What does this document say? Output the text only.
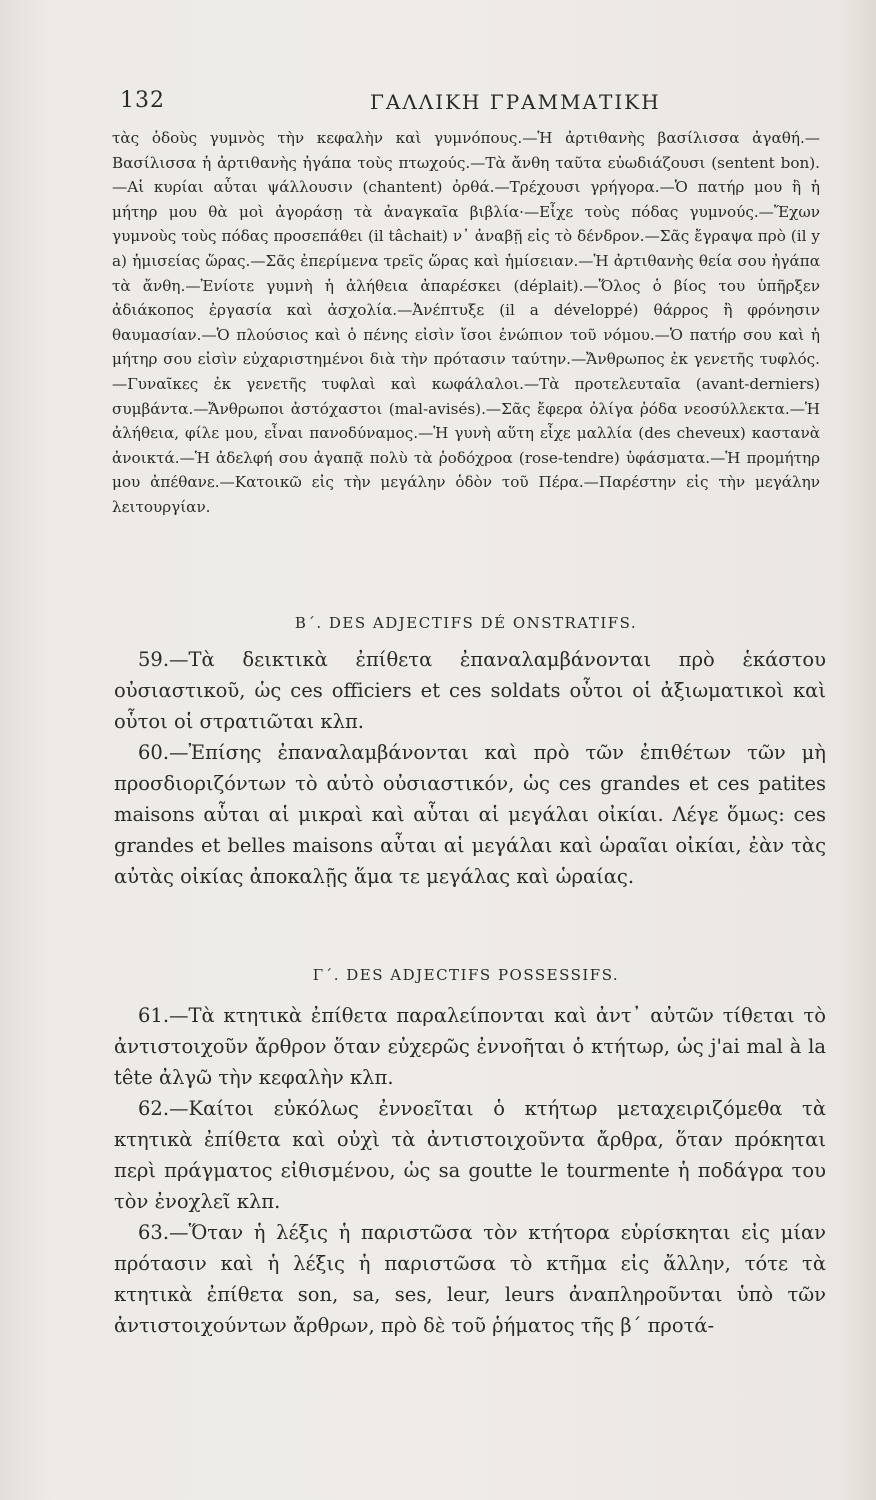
132	ΓΑΛΛΙΚΗ ΓΡΑΜΜΑΤΙΚΗ

τὰς ὁδοὺς γυμνὸς τὴν κεφαλὴν καὶ γυμνόπους.—Ἡ ἀρτιθανὴς βασίλισσα ἀγαθή.—Βασίλισσα ἡ ἀρτιθανὴς ἠγάπα τοὺς πτωχούς.—Τὰ ἄνθη ταῦτα εὐωδιάζουσι (sentent bon).—Αἱ κυρίαι αὗται ψάλλουσιν (chantent) ὀρθά.—Τρέχουσι γρήγορα.—Ὁ πατήρ μου ἢ ἡ μήτηρ μου θὰ μοὶ ἀγοράσῃ τὰ ἀναγκαῖα βιβλία·—Εἶχε τοὺς πόδας γυμνούς.—Ἔχων γυμνοὺς τοὺς πόδας προσεπάθει (il tâchait) ν᾽ ἀναβῇ εἰς τὸ δένδρον.—Σᾶς ἔγραψα πρὸ (il y a) ἡμισείας ὥρας.—Σᾶς ἐπερίμενα τρεῖς ὥρας καὶ ἡμίσειαν.—Ἡ ἀρτιθανὴς θεία σου ἠγάπα τὰ ἄνθη.—Ἐνίοτε γυμνὴ ἡ ἀλήθεια ἀπαρέσκει (déplait).—Ὅλος ὁ βίος του ὑπῆρξεν ἀδιάκοπος ἐργασία καὶ ἀσχολία.—Ἀνέπτυξε (il a développé) θάρρος ἢ φρόνησιν θαυμασίαν.—Ὁ πλούσιος καὶ ὁ πένης εἰσὶν ἴσοι ἐνώπιον τοῦ νόμου.—Ὁ πατήρ σου καὶ ἡ μήτηρ σου εἰσὶν εὐχαριστημένοι διὰ τὴν πρότασιν ταύτην.—Ἄνθρωπος ἐκ γενετῆς τυφλός.—Γυναῖκες ἐκ γενετῆς τυφλαὶ καὶ κωφάλαλοι.—Τὰ προτελευταῖα (avant-derniers) συμβάντα.—Ἄνθρωποι ἀστόχαστοι (mal-avisés).—Σᾶς ἔφερα ὀλίγα ῥόδα νεοσύλλεκτα.—Ἡ ἀλήθεια, φίλε μου, εἶναι πανοδύναμος.—Ἡ γυνὴ αὕτη εἶχε μαλλία (des cheveux) καστανὰ ἀνοικτά.—Ἡ ἀδελφή σου ἀγαπᾷ πολὺ τὰ ῥοδόχροα (rose-tendre) ὑφάσματα.—Ἡ προμήτηρ μου ἀπέθανε.—Κατοικῶ εἰς τὴν μεγάλην ὁδὸν τοῦ Πέρα.—Παρέστην εἰς τὴν μεγάλην λειτουργίαν.

Β΄. DES ADJECTIFS DÉ ONSTRATIFS.

59.—Τὰ δεικτικὰ ἐπίθετα ἐπαναλαμβάνονται πρὸ ἑκάστου οὐσιαστικοῦ, ὡς ces officiers et ces soldats οὗτοι οἱ ἀξιωματικοὶ καὶ οὗτοι οἱ στρατιῶται κλπ.

60.—Ἐπίσης ἐπαναλαμβάνονται καὶ πρὸ τῶν ἐπιθέτων τῶν μὴ προσδιοριζόντων τὸ αὐτὸ οὐσιαστικόν, ὡς ces grandes et ces patites maisons αὗται αἱ μικραὶ καὶ αὗται αἱ μεγάλαι οἰκίαι. Λέγε ὅμως: ces grandes et belles maisons αὗται αἱ μεγάλαι καὶ ὡραῖαι οἰκίαι, ἐὰν τὰς αὐτὰς οἰκίας ἀποκαλῇς ἅμα τε μεγάλας καὶ ὡραίας.

Γ΄. DES ADJECTIFS POSSESSIFS.

61.—Τὰ κτητικὰ ἐπίθετα παραλείπονται καὶ ἀντ᾽ αὐτῶν τίθεται τὸ ἀντιστοιχοῦν ἄρθρον ὅταν εὐχερῶς ἐννοῆται ὁ κτήτωρ, ὡς j'ai mal à la tête ἀλγῶ τὴν κεφαλὴν κλπ.

62.—Καίτοι εὐκόλως ἐννοεῖται ὁ κτήτωρ μεταχειριζόμεθα τὰ κτητικὰ ἐπίθετα καὶ οὐχὶ τὰ ἀντιστοιχοῦντα ἄρθρα, ὅταν πρόκηται περὶ πράγματος εἰθισμένου, ὡς sa goutte le tourmente ἡ ποδάγρα του τὸν ἐνοχλεῖ κλπ.

63.—Ὅταν ἡ λέξις ἡ παριστῶσα τὸν κτήτορα εὑρίσκηται εἰς μίαν πρότασιν καὶ ἡ λέξις ἡ παριστῶσα τὸ κτῆμα εἰς ἄλλην, τότε τὰ κτητικὰ ἐπίθετα son, sa, ses, leur, leurs ἀναπληροῦνται ὑπὸ τῶν ἀντιστοιχούντων ἄρθρων, πρὸ δὲ τοῦ ῥήματος τῆς β΄ προτά-
